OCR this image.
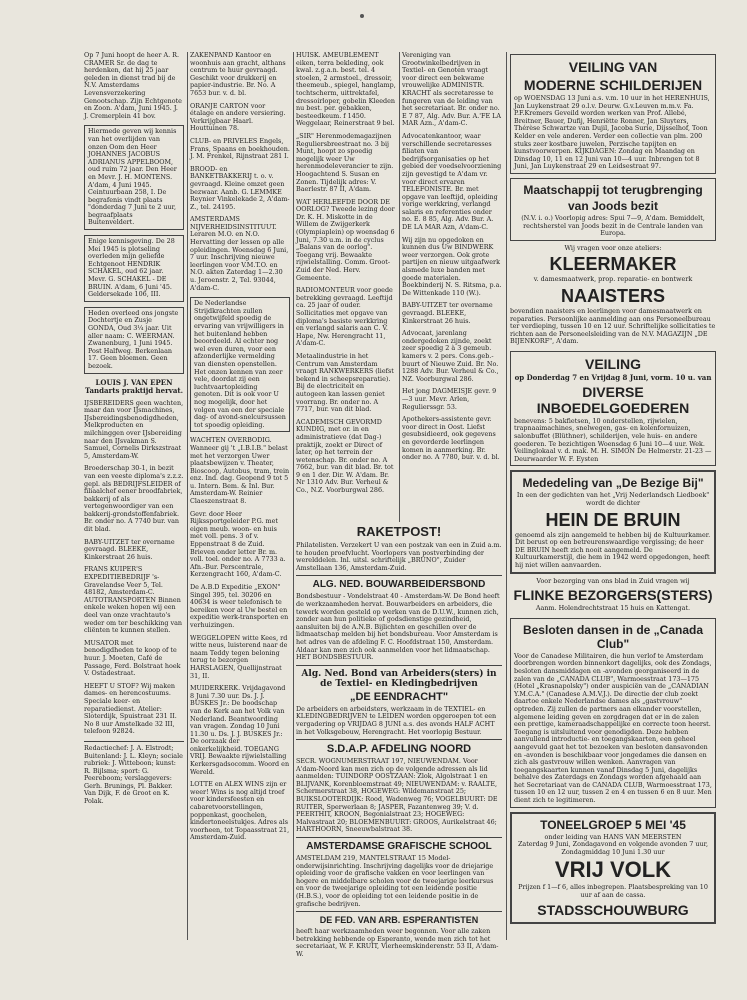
Op 7 Juni hoopt de heer A. R. CRAMER Sr. de dag te herdenken, dat hij 25 jaar geleden in dienst trad bij de N.V. Amsterdams Levensverzekering Genootschap. Zijn Echtgenote en Zoon. A'dam, Juni 1945. J. J. Cremerplein 41 bov.
Hiermede geven wij kennis van het overlijden van onzen Oom den Heer JOHANNES JACOBUS ADRIANUS APPELBOOM, oud ruim 72 jaar. Den Heer en Mevr. J. H. MONTENS. A'dam, 4 Juni 1945. Ceintuurbaan 258, I. De begrafenis vindt plaats "donderdag 7 Juni te 2 uur, begraafplaats Buitenveldert.
Enige kennisgeving. De 28 Mei 1945 is plotseling overleden mijn geliefde Echtgenoot HENDRIK SCHAKEL, oud 62 jaar. Mevr. G. SCHAKEL - DE BRUIN. A'dam, 6 Juni '45. Geldersekade 106, III.
Heden overleed ons jongste Dochtertje en Zusje GONDA, Oud 3¼ jaar. Uit aller naam: C. WEERMAN. Zwanenburg, 1 Juni 1945. Post Halfweg. Berkenlaan 17. Geen bloemen. Geen bezoek.
LOUIS J. VAN EPEN Tandarts praktijd hervat.
IJSBEREIDERS geen wachten, maar dan voor IJsmachines, IJsbereidingsbenodigdheden, Melkproducten en milchinggen over IJsbereiding naar den IJsvakman S. Samuel, Cornelis Dirkszstraat 5, Amsterdam-W.
Broederschap 30-1, in bezit van een veeste diploma's z.z.z. gepl. als BEDRIJFSLEIDER of filiaalchef eener broodfabriek, bakkerij of als vertegenwoordiger van een bakkerij-grondstoffenfabriek. Br. onder no. A 7740 bur. van dit blad.
BABY-UITZET ter overname gevraagd. BLEEKE, Kinkerstraat 26 huis.
FRANS KUIPER'S EXPEDITIEBEDRIJF 's-Gravelandse Veer 5, Tel. 48182, Amsterdam-C. AUTOTRANSPORTEN Binnen enkele weken hopen wij een deel van onze vrachtauto's weder om ter beschikking van cliënten te kunnen stellen.
MUSATOR met benodigdheden te koop of te huur. J. Moeten, Café de Passage, Ferd. Bolstraat hoek V. Ostadestraat.
HEEFT U STOF? Wij maken dames- en herencostuums. Speciale keer- en reparatiedienst. Atelier: Sloterdijk, Spuistraat 231 II. No 8 uur Amstelkade 32 III, telefoon 92824.
Redactiechef: J. A. Elstrodt; Buitenland: J. L. Kleyn; sociale rubriek: J. Witteboon; kunst: R. Bijlsma; sport: G. Peereboom; verslaggevers: Gerh. Brunings, Pl. Bakker. Van Dijk, F. de Groot en K. Polak.
ZAKENPAND Kantoor en woonhuis aan gracht, althans centrum te huur gevraagd. Geschikt voor drukkerij en papier-industrie. Br. No. A 7653 bur. v. d. bl.
ORANJE CARTON voor étalage en andere versiering. Verkrijgbaar Haarl. Houttuinen 78.
CLUB- en PRIVELES Engels, Frans, Spaans en boekhouden. J. M. Frenkel, Rijnstraat 281 I.
BROOD- en BANKETBAKKERIJ t. o. v. gevraagd. Kleine omzet geen bezwaar. Aanb. G. LEMMKE Reynier Vinkelekade 2, A'dam-Z., tel. 24195.
AMSTERDAMS NIJVERHEIDSINSTITUUT. Leraren M.O. en N.O. Hervatting der lessen op alle opleidingen. Woensdag 6 Juni, 7 uur. Inschrijving nieuwe leerlingen voor V.M.T.O. en N.O. akten Zaterdag 1—2.30 u. Jeroenstr. 2, Tel. 93044, A'dam-C.
De Nederlandse Strijdkrachten zullen ongetwijfeld spoedig de ervaring van vrijwilligers in het buitenland hebben beoordeeld. Al echter nog wel even duren, voor een afzonderlijke vermelding van diensten openstellen. Het onzen kennen van zeer vele, doordat zij een luchtvaartopleiding genoten. Dit is ook voor U nog mogelijk, door het volgen van een der speciale dag- of avond-snelcursussen tot spoedig opleiding.
WACHTEN OVERBODIG. Wanneer gij 't „I.B.I.B." belast met het verzorgen Uwer plaatsbewijzen v. Theater, Bioscoop, Autobus, tram, trein enz. Ind. dag. Geopend 9 tot 5 u. Intern. Bem. & Inl. Bur. Amsterdam-W. Reinier Claeszenstraat 8.
Gevr. door Heer Rijkssportgeleider P.G. met eigen meub. woon- en huis met voll. pens. 3 of v. Eppenstraat 8 de Zuid. Brieven onder letter Br. m. voll. toel. onder no. A 7733 a. Afn.-Bur. Perscentrale, Kerzengracht 160, A'dam-C.
De A.B.D Expeditie „EXON" Singel 395, tel. 30206 en 40634 is weer telefonisch te bereiken voor al Uw bestel en expeditie werk-transporten en verhuizingen.
WEGGELOPEN witte Kees, rd witte neus, luisterend naar de naam Teddy tegen beloning terug te bezorgen HARSLAGEN, Quellijnstraat 31, II.
MUIDERKERK. Vrijdagavond 8 Juni 7.30 uur. Ds. J. J. BUSKES Jr.: De boodschap van de Kerk aan het Volk van Nederland. Beantwoording van vragen. Zondag 10 Juni 11.30 u. Ds. J. J. BUSKES Jr.: De oorzaak der onkerkelijkheid. TOEGANG VRIJ. Bewaakte rijwielstalling Kerkersgadsocomm. Woord en Wereld.
LOTTE en ALEX WINS zijn er weer! Wins is nog altijd troef voor kindersfeesten en cabaretvoorstellingen, poppenkast, goochelen, kindertoneelstukjes. Adres als voorheen, tot Topaasstraat 21, Amsterdam-Zuid.
HUISK. AMEUBLEMENT eiken, terra bekleding, ook kwal. z.g.a.n. best. tel. 4 stoelen, 2 armstoel., dressoir, theemeub., spiegel, hanglamp, tochtscherm, uittrektafel, dressoirloper, gobelin Kleeden nu best. per. gebakken, besteedkeum. f 1450. Weggelaar, Reinerstraat 9 bel.
„SIR" Herenmodemagazijnen Reguliersbreestraat no. 3 bij Munt, hoopt zo spoedig mogelijk weer Uw herenmodeleverancier te zijn. Hoogachtend S. Susan en Zonen. Tijdelijk adres: V. Baerlestr. 87 II, A'dam.
WAT HERLEEFDE DOOR DE OORLOG? Tweede lezing door Dr. K. H. Miskotte in de Willem de Zwijgerkerk (Olympiaplein) op woensdag 6 Juni, 7.30 u.m. in de cyclus „Balans van de oorlog". Toegang vrij. Bewaakte rijwielstalling. Comm. Groot-Zuid der Ned. Herv. Gemeente.
RADIOMONTEUR voor goede betrekking gevraagd. Leeftijd ca. 25 jaar of ouder. Sollicitaties met opgave van diploma's basiste werkkring en verlangd salaris aan C. V. Hape, Nw. Herengracht 11, A'dam-C.
Metaalindustrie in het Centrum van Amsterdam vraagt RANKWERKERS (liefst bekend in scheepsreparatie). Bij de electriciteit en autogeen kan lassen geniet voorrang. Br. onder no. A 7717, bur. van dit blad.
ACADEMISCH GEVORMD KUNDIG, met or. in en administratieve (dat Dag-) praktijk, zoekt er Direct of later, op het terrein der wetenschap. Br. onder no. A 7662, bur. van dit blad. Br. tot 9 en 1 der. Dir. W. A'dam. Br. Nr 1310 Adv. Bur. Verheul & Co., N.Z. Voorburgwal 286.
Vereniging van Grootwinkelbedrijven in Textiel- en Genoten vraagt voor direct een bekwame vrouwelijke ADMINISTR. KRACHT als secretaresse te fungeren van de leiding van het secretariaat. Br. onder no. E 7 87, Alg. Adv. Bur. A.'FE LA MAR Azn., A'dam-C.
Advocatenkantoor, waar verschillende secretaresses filiaten van bedrijfsorganisaties op het gebied der voedselvoorziening zijn gevestigd te A'dam vr. voor direct ervaren TELEFONISTE. Br. met opgave van leeftijd, opleiding vorige werkkring, verlangd salaris en referenties onder no. E. 8 85, Alg. Adv. Bur. A. DE LA MAR Azn, A'dam-C.
Wij zijn nu opgedoken en kunnen dus Uw BINDWERK weer verzorgen. Ook grote partijen en nieuw uitgaafwerk alsmede luxe banden met goede materialen. Boekbinderij N. S. Ritsma, p.a. De Wittenkade 110 (W.).
BABY-UITZET ter overname gevraagd. BLEEKE, Kinkerstraat 26 huis.
Advocaat, jarenlang ondergedoken zijnde, zoekt zeer spoedig 2 à 3 gemeub. kamers v. 2 pers. Cons.geb.-buurt of Nieuwe Zuid. Br. No. 1288 Adv. Bur. Verheul & Co., NZ. Voorburgwal 286.
Het jong DAGMEISJE gevr. 9—3 uur. Mevr. Arlen, Regulierssgr. 53.
Apothekers-assistente gevr. voor direct in Oost. Liefst gesubsidieerd, ook gegevens en gevorderde leerlingen komen in aanmerking. Br. onder no. A 7780, bur. v. d. bl.
RAKETPOST!
Philatelisten. Verzekert U van een postzak van een in Zuid a.m. te houden proefvlucht. Voorlopers van postverbinding der werelddelen. Inl. uitsl. schriftelijk „BRUNO", Zuider Amstellaan 136, Amsterdam-Zuid.
ALG. NED. BOUWARBEIDERSBOND
Bondsbestuur - Vondelstraat 40 - Amsterdam-W. De Bond heeft de werkzaamheden hervat. Bouwarbeiders en arbeiders, die tewerk worden gesteld op werken van de D.U.W., kunnen zich, zonder aan hun politieke of godsdienstige gezindheid, aansluiten bij de A.N.B. Bijlichten en geschillen over de lidmaatschap melden bij het bondsbureau. Voor Amsterdam is het adres van de afdeling F. C. Hoofdstraat 150, Amsterdam. Aldaar kan men zich ook aanmelden voor het lidmaatschap. HET BONDSBESTUUR.
Alg. Ned. Bond van Arbeiders(sters) in de Textiel- en Kledingbedrijven
„DE EENDRACHT"
De arbeiders en arbeidsters, werkzaam in de TEXTIEL- en KLEDINGBEDRIJVEN te LEIDEN worden opgeroepen tot een vergadering op VRIJDAG 8 JUNI a.s. des avonds HALF ACHT in het Volksgebouw, Herengracht. Het voorlopig Bestuur.
S.D.A.P. AFDELING NOORD
SECR. WOGNUMERSTRAAT 197, NIEUWENDAM. Voor A'dam-Noord kan men zich op de volgende adressen als lid aanmelden: TUINDORP OOSTZAAN: Zlok, Algolstraat 1 en BLIJVANK, Korenbloemstraat 49; NIEUWENDAM: v. RAALTE, Schermerstraat 38, HOGEWEG: Wildemanstraat 25; BUIKSLOOTERDIJK: Rood, Wadenweg 76; VOGELBUURT: DE RUITER, Sperwerlaan 8; JASPER, Fazantenweg 39; V. d. PEERTHIT, KROON, Begonialstraat 23; HOGEWEG: Malvastraat 20; BLOEMENBUURT: GROOS, Aurikelstraat 46; HARTHOORN, Sneeuwbalstraat 38.
AMSTERDAMSE GRAFISCHE SCHOOL
AMSTELDAM 219, MANTELSTRAAT 15 Model-onderwijsinrichting. Inschrijving dagelijks voor de driejarige opleiding voor de grafische vakken en voor leerlingen van hogere en middelbare scholen voor de tweejarige leerkursus en voor de tweejarige opleiding tot een leidende positie (H.B.S.), voor de opleiding tot een leidende positie in de grafische bedrijven.
DE FED. VAN ARB. ESPERANTISTEN
heeft haar werkzaamheden weer begonnen. Voor alle zaken betrekking hebbende op Esperanto, wende men zich tot het secretariaat, W. F. KRUIT, Vierheemskinderenstr. 53 II, A'dam-W.
VEILING VAN
MODERNE SCHILDERIJEN
op WOENSDAG 13 Juni a.s. v.m. 10 uur in het HERENHUIS, Jan Luykenstraat 29 o.l.v. Deurw. G.v.Leuven m.m.v. Fa. P.F.Kremers Geveild worden werken van Prof. Allebé, Breitner, Bauer, Dufij, Henriëtte Ronner, Jan Sluyters, Thérèse Schwartze van Dujil, Jacoba Surie, Dijsselhof, Toon Kelder en vele anderen. Verder een collectie van plm. 200 stuks zeer kostbare juwelen, Perzische tapijten en kunstvoorwerpen. KIJKDAGEN: Zondag en Maandag en Dinsdag 10, 11 en 12 Juni van 10—4 uur. Inbrengen tot 8 Juni, Jan Luykenstraat 29 en Leidsestraat 97.
Maatschappij tot terugbrenging
van Joods bezit
(N.V. i. o.) Voorlopig adres: Spui 7—9, A'dam. Bemiddelt, rechtsherstel van Joods bezit in de Centrale landen van Europa.
Wij vragen voor onze ateliers:
KLEERMAKER
v. damesmaatwerk, prop. reparatie- en bontwerk
NAAISTERS
bovendien naaisters en leerlingen voor damesmaatwerk en reparaties. Persoonlijke aanmelding aan ons Personeelbureau ter verdieping, tussen 10 en 12 uur. Schriftelijke sollicitaties te richten aan de Personeelsleiding van de N.V. MAGAZIJN „DE BIJENKORF", A'dam.
VEILING
op Donderdag 7 en Vrijdag 8 Juni, vorm. 10 u. van
DIVERSE INBOEDELGOEDEREN
benevens: 5 bakfietsen, 10 onderstellen, rijwielen, trapnaaimachines, snelwegen, gas- en kolenfornuizen, salonbuffet (Blüthner), schilderijen, vele huis- en andere goederen. Te bezichtigen Woensdag 6 Juni 10—4 uur. Wek. Veilinglokaal v. d. mak. M. H. SIMON De Helmerstr. 21-23 — Deurwaarder W. F. Eysten
Mededeling van „De Bezige Bij"
In een der gedichten van het „Vrij Nederlandsch Liedboek" wordt de dichter
HEIN DE BRUIN
genoemd als zijn aangemeld te hebben bij de Kultuurkamer. Dit berust op een betreurenswaardige vergissing; de heer DE BRUIN heeft zich nooit aangemeld. De Kultuurkamerstijl, die hem in 1942 werd opgedongen, heeft hij niet willen aanvaarden.
Voor bezorging van ons blad in Zuid vragen wij
FLINKE BEZORGERS(STERS)
Aanm. Holendrechtstraat 15 huis en Kattengat.
Besloten dansen in de „Canada Club"
Voor de Canadese Militairen, die hun verlof te Amsterdam doorbrengen worden binnenkort dagelijks, ook des Zondags, besloten dansmiddagen en -avonden georganiseerd in de zalen van de „CANADA CLUB", Warmoesstraat 173—175 (Hotel „Krasnapolsky") onder auspiciën van de „CANADIAN Y.M.C.A." (Canadese A.M.V.J.). De directie der club zoekt daartoe enkele Nederlandse dames als „gastvrouw" optreden. Zij zullen de partners aan elkander voorstellen, algemene leiding geven en zorgdragen dat er in de zalen een prettige, kameraadschappelijke en correcte toon heerst. Toegang is uitsluitend voor genodigden. Deze hebben aanvullend introductie- en toegangskaarten, een geheel aangevuld gaat het tot bezoeken van besloten dansavonden en -avonden is beschikbaar voor jongedames die dansen en zich als gastvrouw willen wenken. Aanvragen van toegangskaarten kunnen vanaf Dinsdag 5 Juni, dagelijks behalve des Zaterdags en Zondags worden afgehaald aan het Secretariaat van de CANADA CLUB, Warmoesstraat 173, tussen 10 en 12 uur, tussen 2 en 4 en tussen 6 en 8 uur. Men dient zich te legitimeren.
TONEELGROEP 5 MEI '45
onder leiding van HANS VAN MEERSTEN
Zaterdag 9 Juni, Zondagavond en volgende avonden 7 uur, Zondagmiddag 10 Juni 1.30 uur
VRIJ VOLK
Prijzen f 1—f 6, alles inbegrepen. Plaatsbespreking van 10 uur af aan de cassa.
STADSSCHOUWBURG
